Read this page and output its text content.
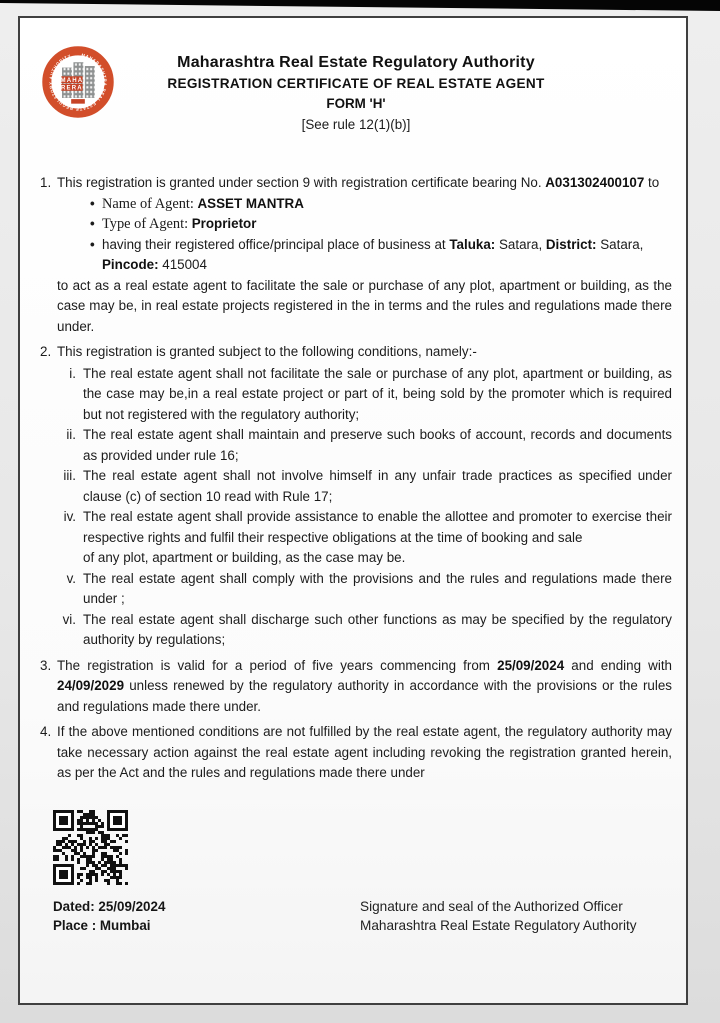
MAHARASHTRA REAL ESTATE REGULATORY AUTHORITY
MAHA
RERA
Maharashtra Real Estate Regulatory Authority
REGISTRATION CERTIFICATE OF REAL ESTATE AGENT
FORM 'H'
[See rule 12(1)(b)]
1. This registration is granted under section 9 with registration certificate bearing No. A031302400107 to
• Name of Agent: ASSET MANTRA
• Type of Agent: Proprietor
• having their registered office/principal place of business at Taluka: Satara, District: Satara,
Pincode: 415004
to act as a real estate agent to facilitate the sale or purchase of any plot, apartment or building, as the case may be, in real estate projects registered in the in terms and the rules and regulations made there under.
2. This registration is granted subject to the following conditions, namely:-
i. The real estate agent shall not facilitate the sale or purchase of any plot, apartment or building, as the case may be,in a real estate project or part of it, being sold by the promoter which is required but not registered with the regulatory authority;
ii. The real estate agent shall maintain and preserve such books of account, records and documents as provided under rule 16;
iii. The real estate agent shall not involve himself in any unfair trade practices as specified under clause (c) of section 10 read with Rule 17;
iv. The real estate agent shall provide assistance to enable the allottee and promoter to exercise their respective rights and fulfil their respective obligations at the time of booking and sale
of any plot, apartment or building, as the case may be.
v. The real estate agent shall comply with the provisions and the rules and regulations made there under ;
vi. The real estate agent shall discharge such other functions as may be specified by the regulatory authority by regulations;
3. The registration is valid for a period of five years commencing from 25/09/2024 and ending with 24/09/2029 unless renewed by the regulatory authority in accordance with the provisions or the rules and regulations made there under.
4. If the above mentioned conditions are not fulfilled by the real estate agent, the regulatory authority may take necessary action against the real estate agent including revoking the registration granted herein, as per the Act and the rules and regulations made there under
Dated: 25/09/2024
Place : Mumbai
Signature and seal of the Authorized Officer
Maharashtra Real Estate Regulatory Authority
